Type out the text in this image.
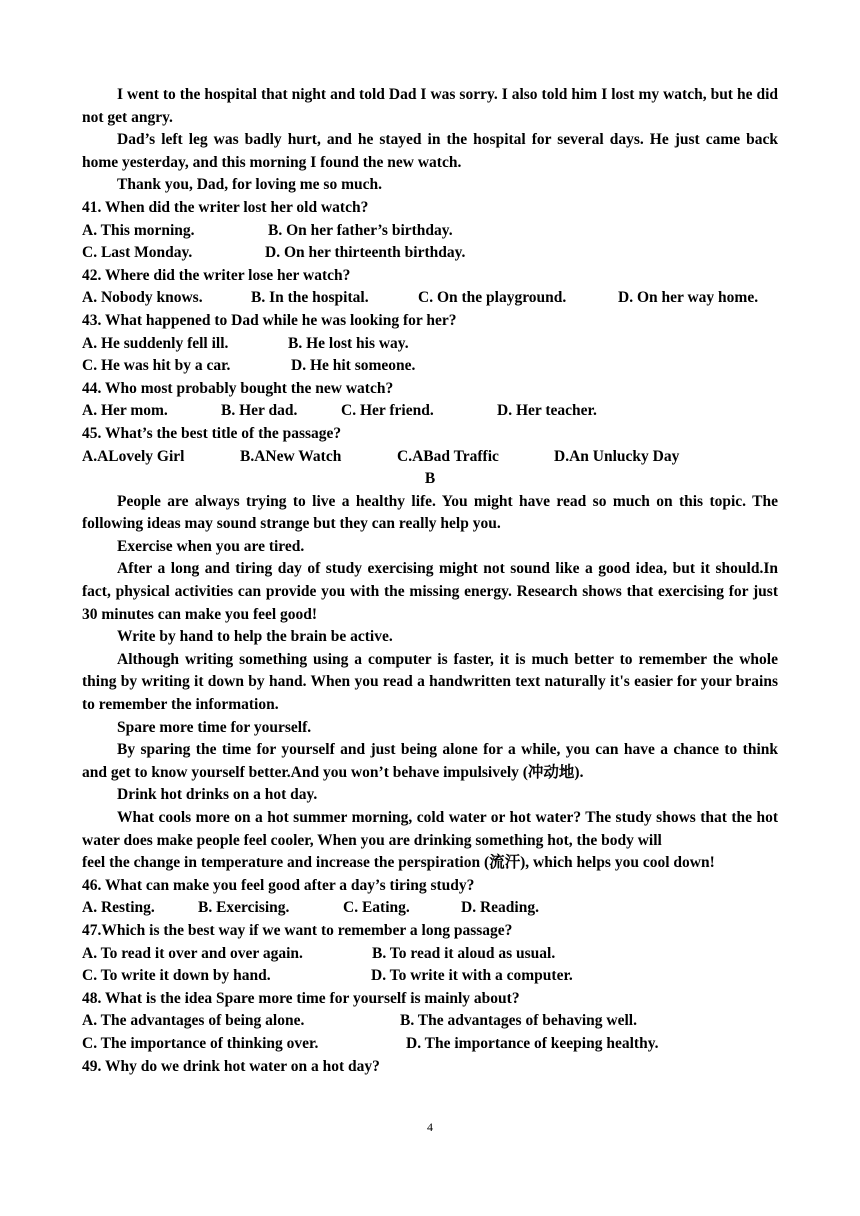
I went to the hospital that night and told Dad I was sorry. I also told him I lost my watch, but he did not get angry.

Dad’s left leg was badly hurt, and he stayed in the hospital for several days. He just came back home yesterday, and this morning I found the new watch.

Thank you, Dad, for loving me so much.

41. When did the writer lost her old watch?

A. This morning.	B. On her father’s birthday.

C. Last Monday.	D. On her thirteenth birthday.

42. Where did the writer lose her watch?

A. Nobody knows.	B. In the hospital.	C. On the playground.	D. On her way home.

43. What happened to Dad while he was looking for her?

A. He suddenly fell ill.	B. He lost his way.

C. He was hit by a car.	D. He hit someone.

44. Who most probably bought the new watch?

A. Her mom.	B. Her dad.	C. Her friend.	D. Her teacher.

45. What’s the best title of the passage?

A.ALovely Girl	B.ANew Watch	C.ABad Traffic	D.An Unlucky Day

B

People are always trying to live a healthy life. You might have read so much on this topic. The following ideas may sound strange but they can really help you.

Exercise when you are tired.

After a long and tiring day of study exercising might not sound like a good idea, but it should.In fact, physical activities can provide you with the missing energy. Research shows that exercising for just 30 minutes can make you feel good!

Write by hand to help the brain be active.

Although writing something using a computer is faster, it is much better to remember the whole thing by writing it down by hand. When you read a handwritten text naturally it's easier for your brains to remember the information.

Spare more time for yourself.

By sparing the time for yourself and just being alone for a while, you can have a chance to think and get to know yourself better.And you won’t behave impulsively (冲动地).

Drink hot drinks on a hot day.

What cools more on a hot summer morning, cold water or hot water? The study shows that the hot water does make people feel cooler, When you are drinking something hot, the body will

feel the change in temperature and increase the perspiration (流汗), which helps you cool down!

46. What can make you feel good after a day’s tiring study?

A. Resting.	B. Exercising.	C. Eating.	D. Reading.

47.Which is the best way if we want to remember a long passage?

A. To read it over and over again.	B. To read it aloud as usual.

C. To write it down by hand.	D. To write it with a computer.

48. What is the idea Spare more time for yourself is mainly about?

A. The advantages of being alone.	B. The advantages of behaving well.

C. The importance of thinking over.	D. The importance of keeping healthy.

49. Why do we drink hot water on a hot day?

4
